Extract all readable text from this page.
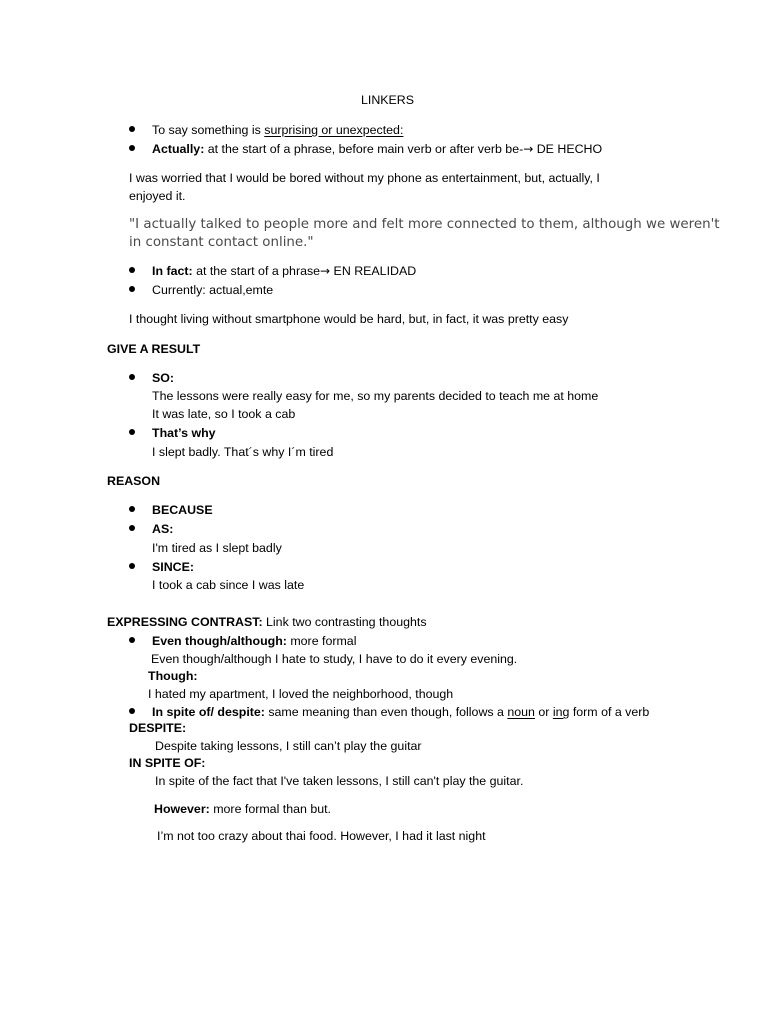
LINKERS
To say something is surprising or unexpected:
Actually: at the start of a phrase, before main verb or after verb be-→ DE HECHO
I was worried that I would be bored without my phone as entertainment, but, actually, I
enjoyed it.
"I actually talked to people more and felt more connected to them, although we weren't
in constant contact online."
In fact: at the start of a phrase→ EN REALIDAD
Currently: actual,emte
I thought living without smartphone would be hard, but, in fact, it was pretty easy
GIVE A RESULT
SO:
The lessons were really easy for me, so my parents decided to teach me at home
It was late, so I took a cab
That’s why
I slept badly. That´s why I´m tired
REASON
BECAUSE
AS:
I'm tired as I slept badly
SINCE:
I took a cab since I was late
EXPRESSING CONTRAST: Link two contrasting thoughts
Even though/although: more formal
Even though/although I hate to study, I have to do it every evening.
Though:
I hated my apartment, I loved the neighborhood, though
In spite of/ despite: same meaning than even though, follows a noun or ing form of a verb
DESPITE:
Despite taking lessons, I still can’t play the guitar
IN SPITE OF:
In spite of the fact that I've taken lessons, I still can't play the guitar.
However: more formal than but.
I’m not too crazy about thai food. However, I had it last night
